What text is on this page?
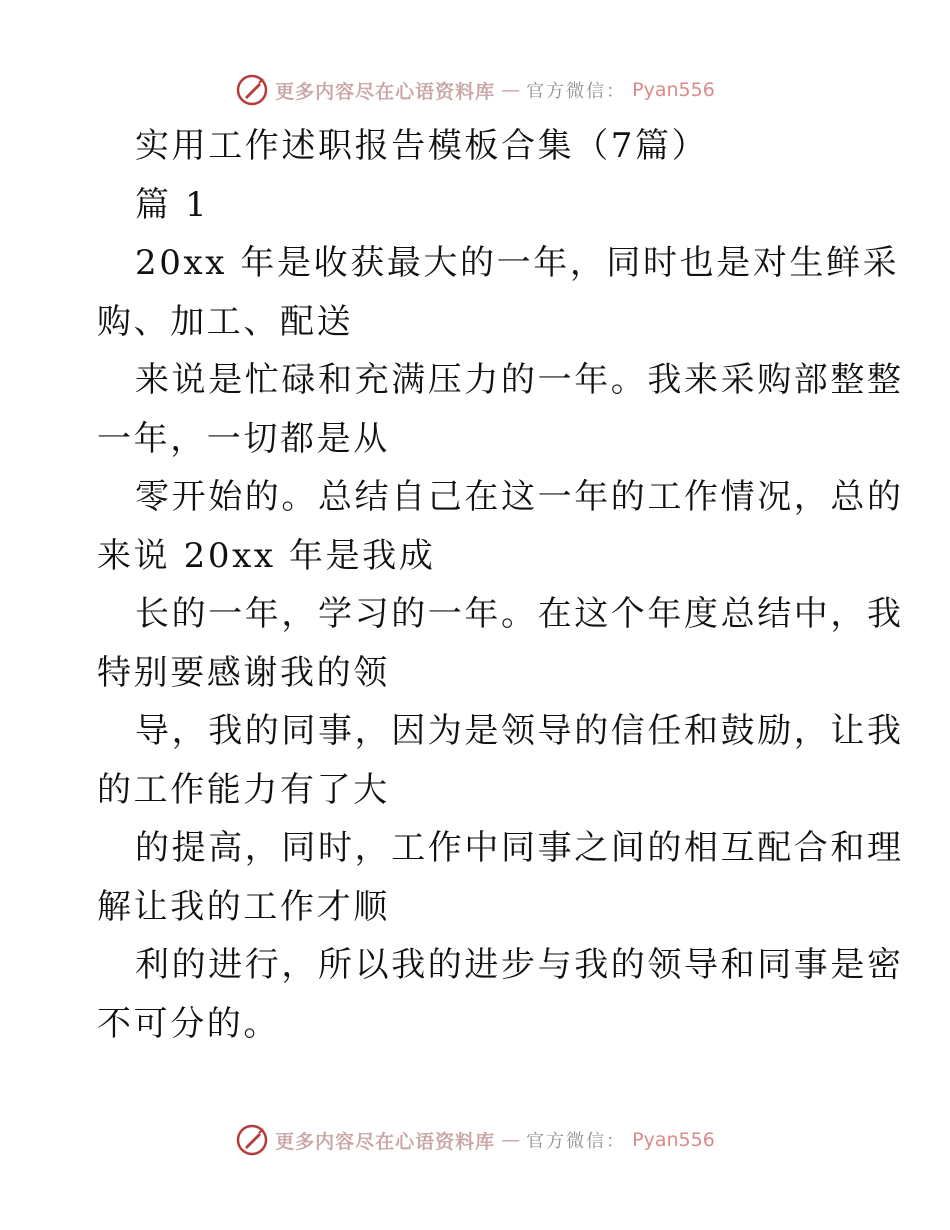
更多内容尽在心语资料库 — 官方微信： Pyan556
实用工作述职报告模板合集（7篇）
篇 1
20xx 年是收获最大的一年，同时也是对生鲜采
购、加工、配送
来说是忙碌和充满压力的一年。我来采购部整整
一年，一切都是从
零开始的。总结自己在这一年的工作情况，总的
来说 20xx 年是我成
长的一年，学习的一年。在这个年度总结中，我
特别要感谢我的领
导，我的同事，因为是领导的信任和鼓励，让我
的工作能力有了大
的提高，同时，工作中同事之间的相互配合和理
解让我的工作才顺
利的进行，所以我的进步与我的领导和同事是密
不可分的。
更多内容尽在心语资料库 — 官方微信： Pyan556
